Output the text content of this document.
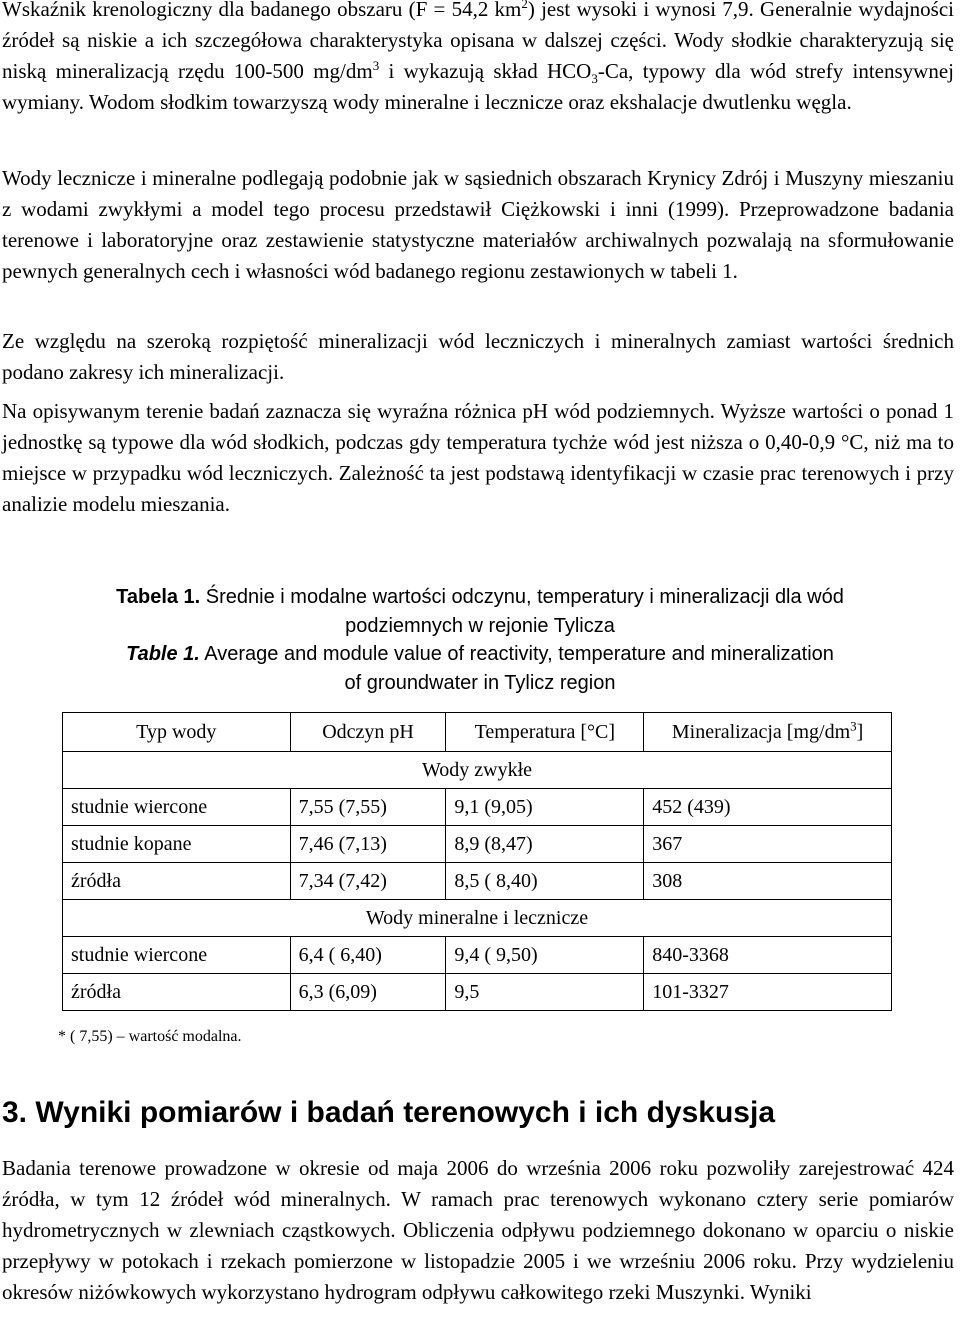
Wskaźnik krenologiczny dla badanego obszaru (F = 54,2 $km^2$) jest wysoki i wynosi 7,9. Generalnie wydajności źródeł są niskie a ich szczegółowa charakterystyka opisana w dalszej części. Wody słodkie charakteryzują się niską mineralizacją rzędu 100-500 $mg/dm^3$ i wykazują skład $HCO_3-Ca$, typowy dla wód strefy intensywnej wymiany. Wodom słodkim towarzyszą wody mineralne i lecznicze oraz ekshalacje dwutlenku węgla.

Wody lecznicze i mineralne podlegają podobnie jak w sąsiednich obszarach Krynicy Zdrój i Muszyny mieszaniu z wodami zwykłymi a model tego procesu przedstawił Ciężkowski i inni (1999). Przeprowadzone badania terenowe i laboratoryjne oraz zestawienie statystyczne materiałów archiwalnych pozwalają na sformułowanie pewnych generalnych cech i własności wód badanego regionu zestawionych w tabeli 1.

Ze względu na szeroką rozpiętość mineralizacji wód leczniczych i mineralnych zamiast wartości średnich podano zakresy ich mineralizacji.

Na opisywanym terenie badań zaznacza się wyraźna różnica pH wód podziemnych. Wyższe wartości o ponad 1 jednostkę są typowe dla wód słodkich, podczas gdy temperatura tychże wód jest niższa o 0,40-0,9 °C, niż ma to miejsce w przypadku wód leczniczych. Zależność ta jest podstawą identyfikacji w czasie prac terenowych i przy analizie modelu mieszania.

Tabela 1. Średnie i modalne wartości odczynu, temperatury i mineralizacji dla wód
podziemnych w rejonie Tylicza
Table 1. Average and module value of reactivity, temperature and mineralization
of groundwater in Tylicz region
Typ wody	Odczyn pH	Temperatura [°C]	Mineralizacja $[mg/dm^3]$
Wody zwykłe			
studnie wiercone	7,55 (7,55)	9,1 (9,05)	452 (439)
studnie kopane	7,46 (7,13)	8,9 (8,47)	367
źródła	7,34 (7,42)	8,5 ( 8,40)	308
Wody mineralne i lecznicze			
studnie wiercone	6,4 ( 6,40)	9,4 ( 9,50)	840-3368
źródła	6,3 (6,09)	9,5	101-3327
* ( 7,55) – wartość modalna.
3. Wyniki pomiarów i badań terenowych i ich dyskusja

Badania terenowe prowadzone w okresie od maja 2006 do września 2006 roku pozwoliły zarejestrować 424 źródła, w tym 12 źródeł wód mineralnych. W ramach prac terenowych wykonano cztery serie pomiarów hydrometrycznych w zlewniach cząstkowych. Obliczenia odpływu podziemnego dokonano w oparciu o niskie przepływy w potokach i rzekach pomierzone w listopadzie 2005 i we wrześniu 2006 roku. Przy wydzieleniu okresów niżówkowych wykorzystano hydrogram odpływu całkowitego rzeki Muszynki. Wyniki
